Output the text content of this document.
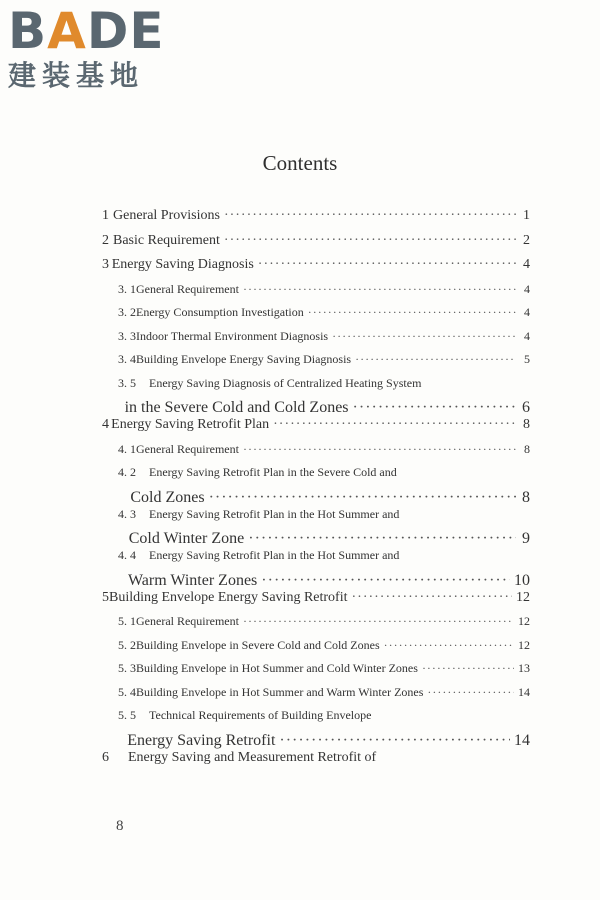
BADE
建装基地
Contents
1 General Provisions ·····	1
2 Basic Requirement ·····	2
3 Energy Saving Diagnosis ·····	4
3. 1 General Requirement ·····	4
3. 2 Energy Consumption Investigation ·····	4
3. 3 Indoor Thermal Environment Diagnosis ·····	4
3. 4 Building Envelope Energy Saving Diagnosis ·····	5
3. 5	Energy Saving Diagnosis of Centralized Heating System
in the Severe Cold and Cold Zones ·····	6
4 Energy Saving Retrofit Plan ·····	8
4. 1 General Requirement ·····	8
4. 2	Energy Saving Retrofit Plan in the Severe Cold and
Cold Zones ·····	8
4. 3	Energy Saving Retrofit Plan in the Hot Summer and
Cold Winter Zone ·····	9
4. 4	Energy Saving Retrofit Plan in the Hot Summer and
Warm Winter Zones ·····	10
5 Building Envelope Energy Saving Retrofit ·····	12
5. 1 General Requirement ·····	12
5. 2 Building Envelope in Severe Cold and Cold Zones ·····	12
5. 3 Building Envelope in Hot Summer and Cold Winter Zones ·····	13
5. 4 Building Envelope in Hot Summer and Warm Winter Zones ·····	14
5. 5	Technical Requirements of Building Envelope
Energy Saving Retrofit ·····	14
6	Energy Saving and Measurement Retrofit of
8
